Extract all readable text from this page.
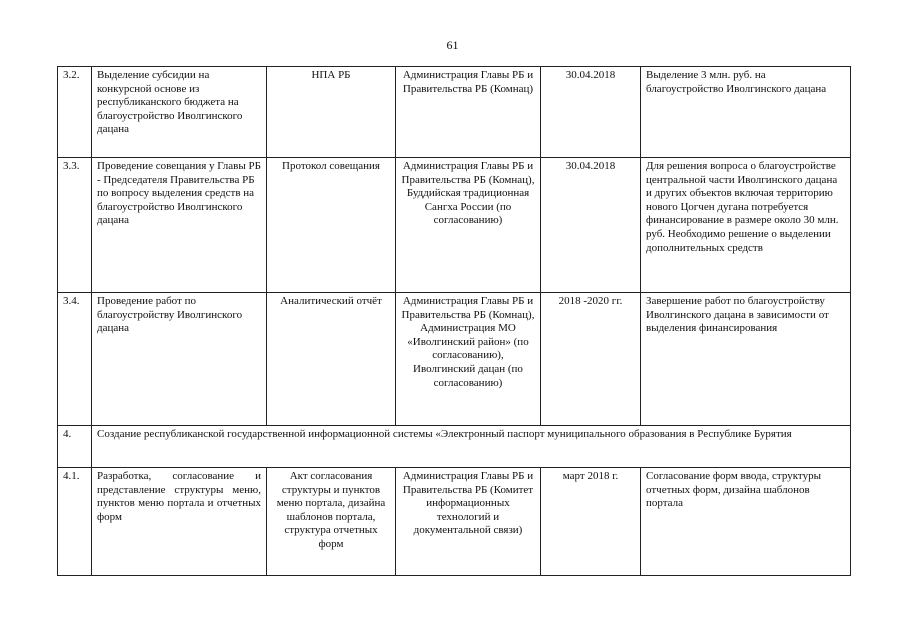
61
3.2.	Выделение субсидии на конкурсной основе из республиканского бюджета на благоустройство Иволгинского дацана	НПА РБ	Администрация Главы РБ и Правительства РБ (Комнац)	30.04.2018	Выделение 3 млн. руб. на благоустройство Иволгинского дацана
3.3.	Проведение совещания у Главы РБ - Председателя Правительства РБ по вопросу выделения средств на благоустройство Иволгинского дацана	Протокол совещания	Администрация Главы РБ и Правительства РБ (Комнац), Буддийская традиционная Сангха России (по согласованию)	30.04.2018	Для решения вопроса о благоустройстве центральной части Иволгинского дацана и других объектов включая территорию нового Цогчен дугана потребуется финансирование в размере около 30 млн. руб. Необходимо решение о выделении дополнительных средств
3.4.	Проведение работ по благоустройству Иволгинского дацана	Аналитический отчёт	Администрация Главы РБ и Правительства РБ (Комнац), Администрация МО «Иволгинский район» (по согласованию), Иволгинский дацан (по согласованию)	2018 -2020 гг.	Завершение работ по благоустройству Иволгинского дацана в зависимости от выделения финансирования
4.	Создание республиканской государственной информационной системы «Электронный паспорт муниципального образования в Республике Бурятия				
4.1.	Разработка, согласование и представление структуры меню, пунктов меню портала и отчетных форм	Акт согласования структуры и пунктов меню портала, дизайна шаблонов портала, структура отчетных форм	Администрация Главы РБ и Правительства РБ (Комитет информационных технологий и документальной связи)	март 2018 г.	Согласование форм ввода, структуры отчетных форм, дизайна шаблонов портала
